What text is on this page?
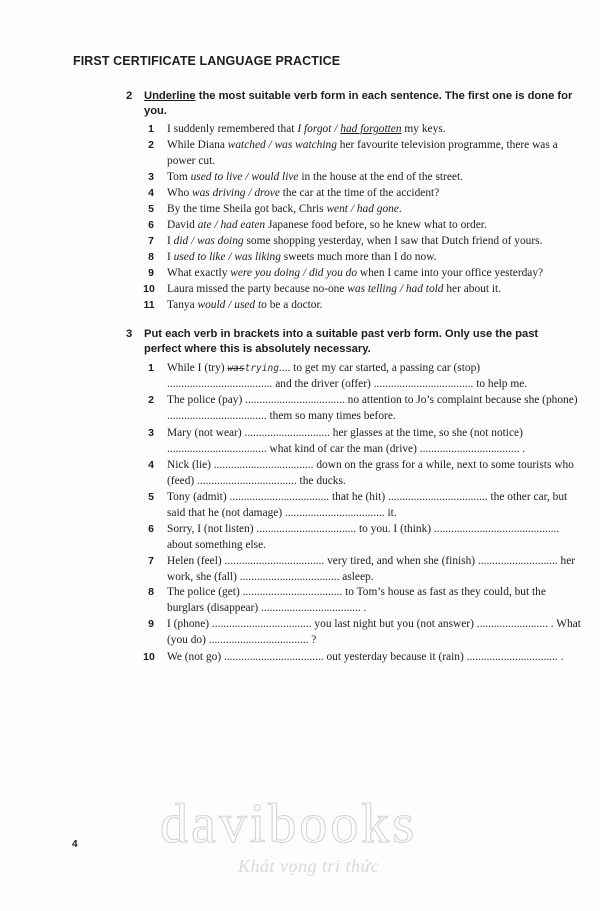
FIRST CERTIFICATE LANGUAGE PRACTICE
2 Underline the most suitable verb form in each sentence. The first one is done for you.
1	I suddenly remembered that I forgot / had forgotten my keys.
2	While Diana watched / was watching her favourite television programme, there was a power cut.
3	Tom used to live / would live in the house at the end of the street.
4	Who was driving / drove the car at the time of the accident?
5	By the time Sheila got back, Chris went / had gone.
6	David ate / had eaten Japanese food before, so he knew what to order.
7	I did / was doing some shopping yesterday, when I saw that Dutch friend of yours.
8	I used to like / was liking sweets much more than I do now.
9	What exactly were you doing / did you do when I came into your office yesterday?
10	Laura missed the party because no-one was telling / had told her about it.
11	Tanya would / used to be a doctor.
3 Put each verb in brackets into a suitable past verb form. Only use the past perfect where this is absolutely necessary.
1	While I (try) wastrying.... to get my car started, a passing car (stop) ..................................... and the driver (offer) ................................... to help me.
2	The police (pay) ................................... no attention to Jo’s complaint because she (phone) ................................... them so many times before.
3	Mary (not wear) .............................. her glasses at the time, so she (not notice) ................................... what kind of car the man (drive) ................................... .
4	Nick (lie) ................................... down on the grass for a while, next to some tourists who (feed) ................................... the ducks.
5	Tony (admit) ................................... that he (hit) ................................... the other car, but said that he (not damage) ................................... it.
6	Sorry, I (not listen) ................................... to you. I (think) ............................................ about something else.
7	Helen (feel) ................................... very tired, and when she (finish) ............................ her work, she (fall) ................................... asleep.
8	The police (get) ................................... to Tom’s house as fast as they could, but the burglars (disappear) ................................... .
9	I (phone) ................................... you last night but you (not answer) ......................... . What (you do) ................................... ?
10	We (not go) ................................... out yesterday because it (rain) ................................ .
4 davibooks
Khát vọng tri thức
